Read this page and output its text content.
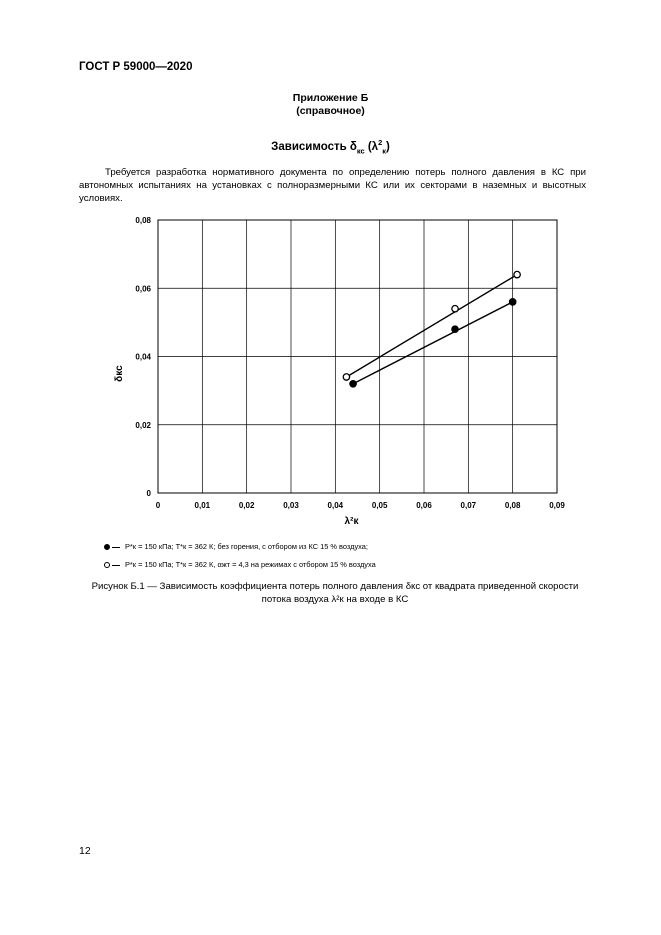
ГОСТ Р 59000—2020
Приложение Б
(справочное)
Зависимость $\delta_{кс}$ $(\lambda^2_к)$

Требуется разработка нормативного документа по определению потерь полного давления в КС при автономных испытаниях на установках с полноразмерными КС или их секторами в наземных и высотных условиях.

0	0,01	0,02	0,03	0,04	0,05	0,06	0,07	0,08	0,09
0
0,02
0,04
0,06
0,08
λ²к
δкс
P*к = 150 кПа; T*к = 362 К; без горения, с отбором из КС 15 % воздуха;
P*к = 150 кПа; T*к = 362 К, αжт = 4,3 на режимах с отбором 15 % воздуха
Рисунок Б.1 — Зависимость коэффициента потерь полного давления δкс от квадрата приведенной скорости потока воздуха λ²к на входе в КС
12
